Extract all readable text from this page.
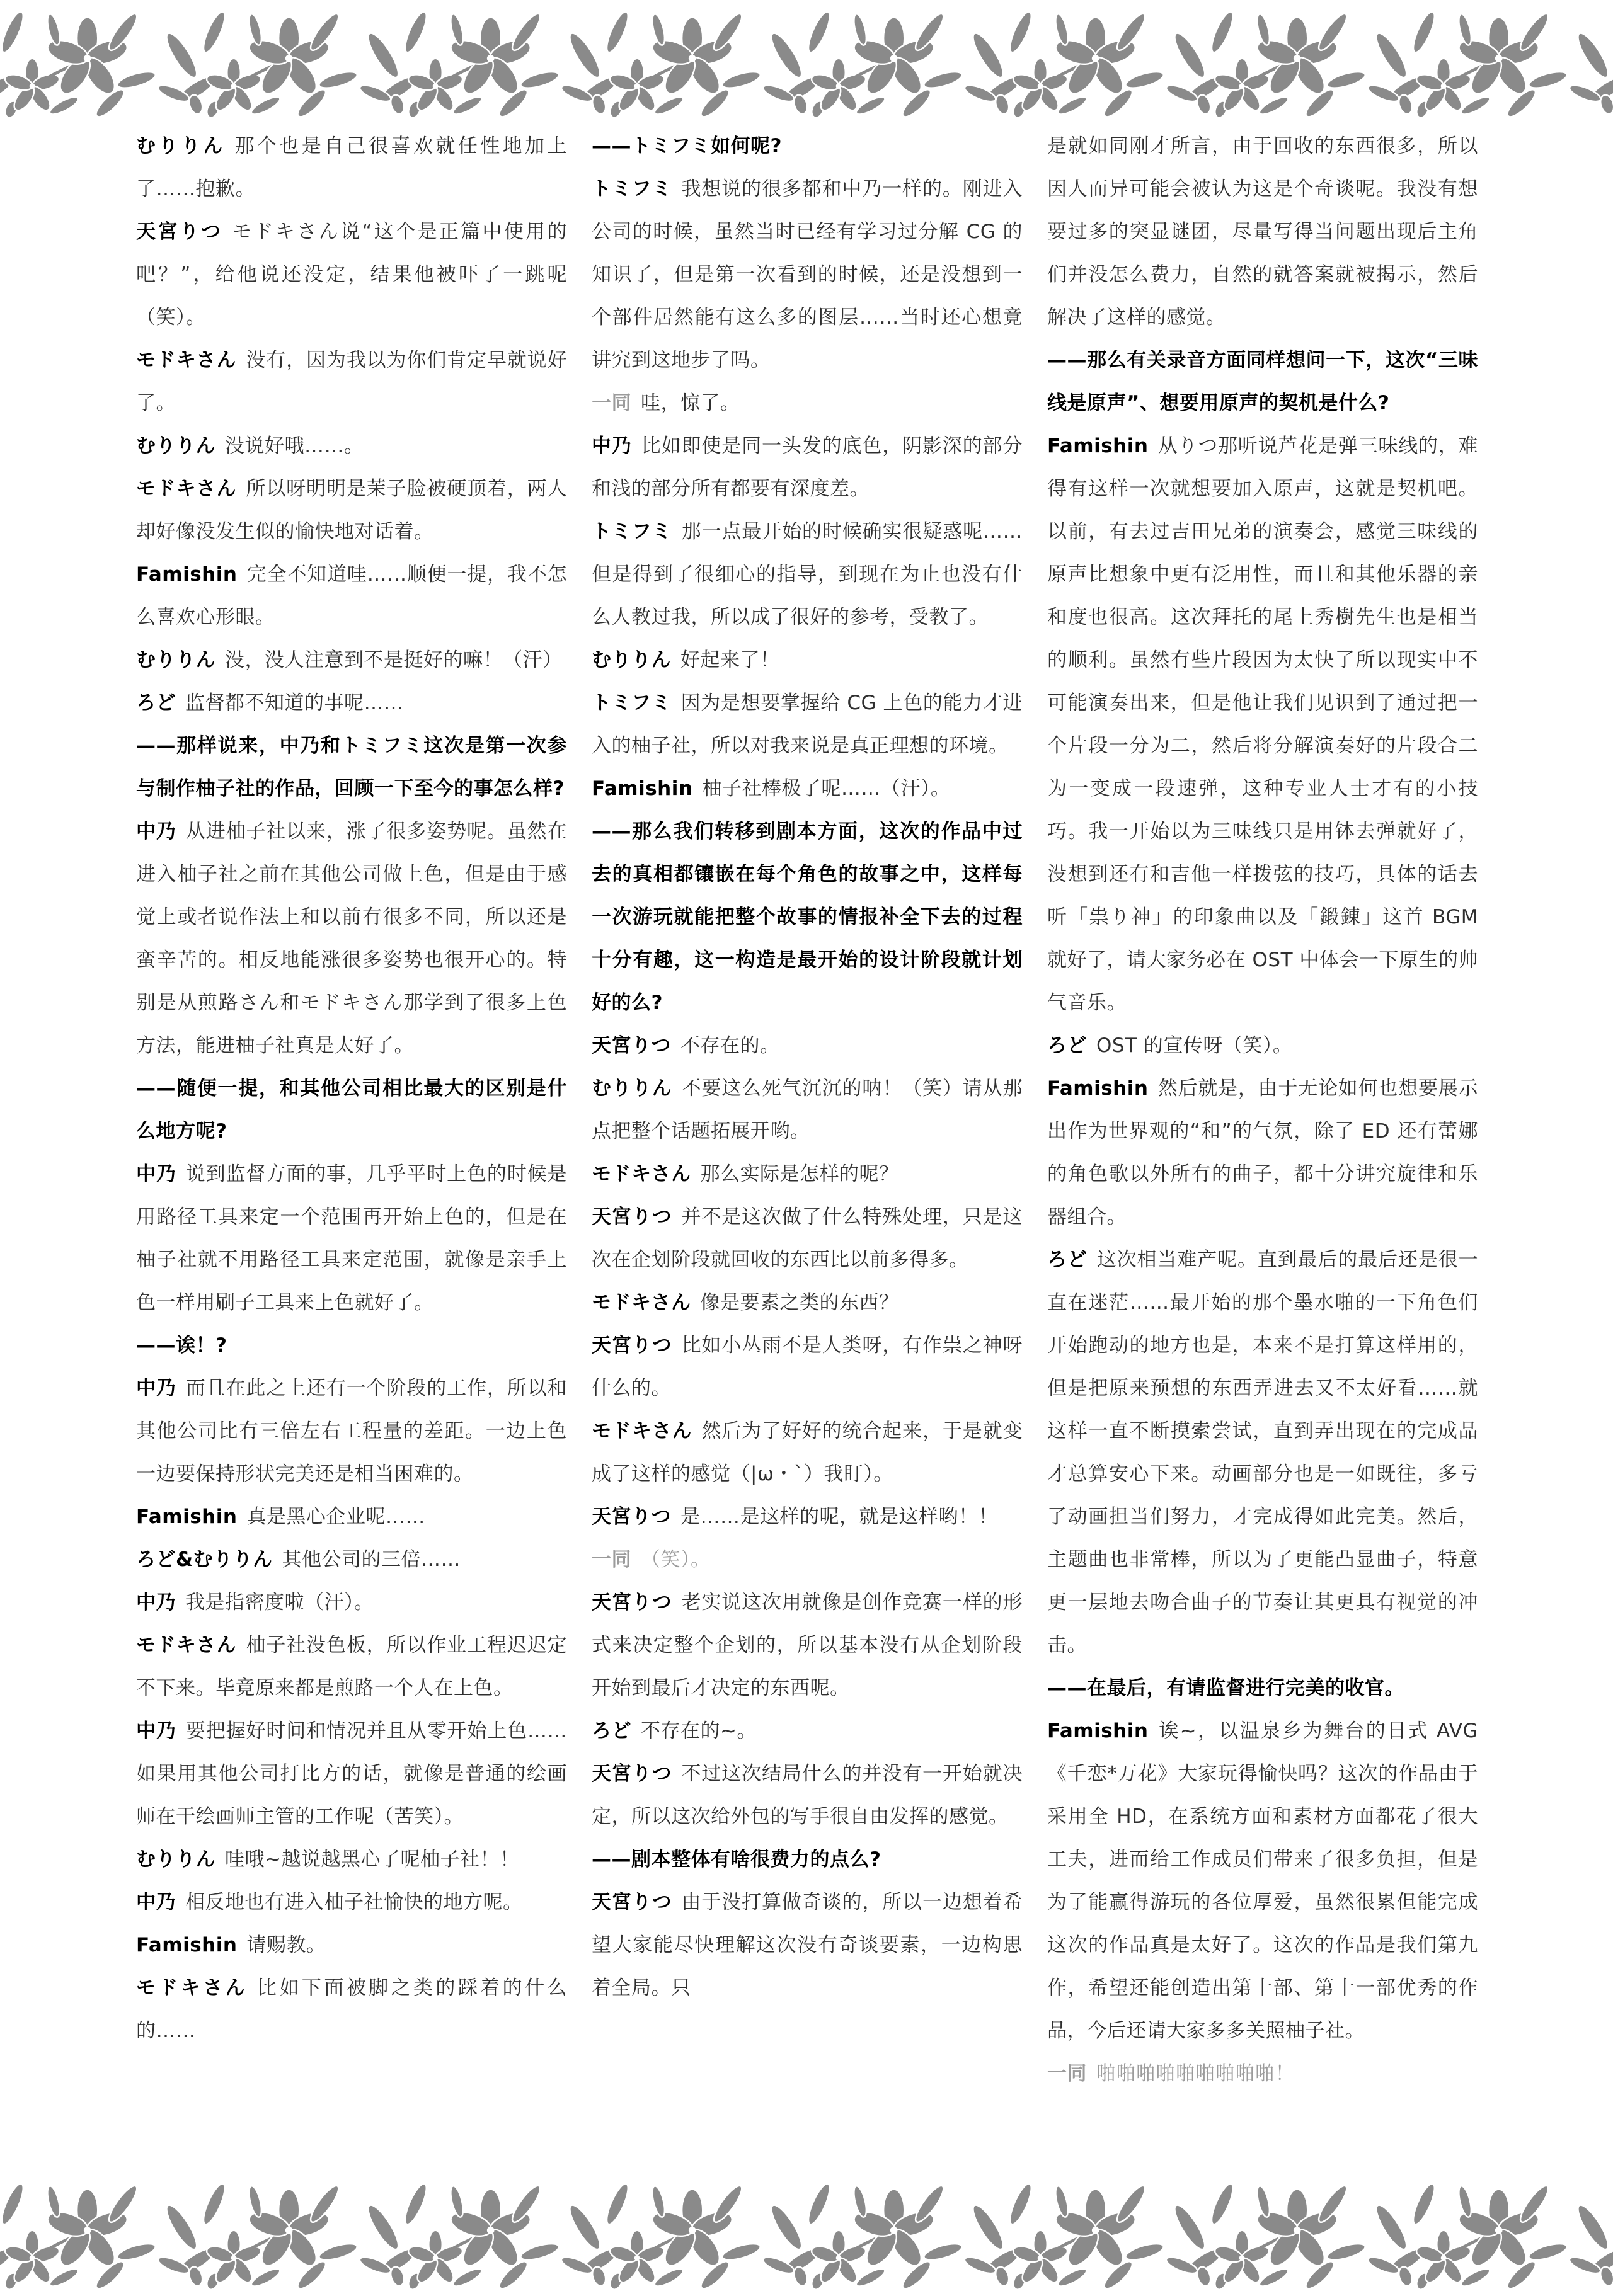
むりりん 那个也是自己很喜欢就任性地加上了……抱歉。

天宮りつ モドキさん说“这个是正篇中使用的吧？”，给他说还没定，结果他被吓了一跳呢（笑）。

モドキさん 没有，因为我以为你们肯定早就说好了。

むりりん 没说好哦……。

モドキさん 所以呀明明是茉子脸被硬顶着，两人却好像没发生似的愉快地对话着。

Famishin 完全不知道哇……顺便一提，我不怎么喜欢心形眼。

むりりん 没，没人注意到不是挺好的嘛！（汗）

ろど 监督都不知道的事呢……

——那样说来，中乃和トミフミ这次是第一次参与制作柚子社的作品，回顾一下至今的事怎么样?

中乃 从进柚子社以来，涨了很多姿势呢。虽然在进入柚子社之前在其他公司做上色，但是由于感觉上或者说作法上和以前有很多不同，所以还是蛮辛苦的。相反地能涨很多姿势也很开心的。特别是从煎路さん和モドキさん那学到了很多上色方法，能进柚子社真是太好了。

——随便一提，和其他公司相比最大的区别是什么地方呢?

中乃 说到监督方面的事，几乎平时上色的时候是用路径工具来定一个范围再开始上色的，但是在柚子社就不用路径工具来定范围，就像是亲手上色一样用刷子工具来上色就好了。

——诶！?

中乃 而且在此之上还有一个阶段的工作，所以和其他公司比有三倍左右工程量的差距。一边上色一边要保持形状完美还是相当困难的。

Famishin 真是黑心企业呢……

ろど&むりりん 其他公司的三倍……

中乃 我是指密度啦（汗）。

モドキさん 柚子社没色板，所以作业工程迟迟定不下来。毕竟原来都是煎路一个人在上色。

中乃 要把握好时间和情况并且从零开始上色……如果用其他公司打比方的话，就像是普通的绘画师在干绘画师主管的工作呢（苦笑）。

むりりん 哇哦~越说越黑心了呢柚子社！！

中乃 相反地也有进入柚子社愉快的地方呢。

Famishin 请赐教。

モドキさん 比如下面被脚之类的踩着的什么的……

——トミフミ如何呢?

トミフミ 我想说的很多都和中乃一样的。刚进入公司的时候，虽然当时已经有学习过分解 CG 的知识了，但是第一次看到的时候，还是没想到一个部件居然能有这么多的图层……当时还心想竟讲究到这地步了吗。

一同 哇，惊了。

中乃 比如即使是同一头发的底色，阴影深的部分和浅的部分所有都要有深度差。

トミフミ 那一点最开始的时候确实很疑惑呢……但是得到了很细心的指导，到现在为止也没有什么人教过我，所以成了很好的参考，受教了。

むりりん 好起来了！

トミフミ 因为是想要掌握给 CG 上色的能力才进入的柚子社，所以对我来说是真正理想的环境。

Famishin 柚子社棒极了呢……（汗）。

——那么我们转移到剧本方面，这次的作品中过去的真相都镶嵌在每个角色的故事之中，这样每一次游玩就能把整个故事的情报补全下去的过程十分有趣，这一构造是最开始的设计阶段就计划好的么?

天宮りつ 不存在的。

むりりん 不要这么死气沉沉的呐！（笑）请从那点把整个话题拓展开哟。

モドキさん 那么实际是怎样的呢？

天宮りつ 并不是这次做了什么特殊处理，只是这次在企划阶段就回收的东西比以前多得多。

モドキさん 像是要素之类的东西？

天宮りつ 比如小丛雨不是人类呀，有作祟之神呀什么的。

モドキさん 然后为了好好的统合起来，于是就变成了这样的感觉（|ω・`）我盯）。

天宮りつ 是……是这样的呢，就是这样哟！！

一同 （笑）。

天宮りつ 老实说这次用就像是创作竞赛一样的形式来决定整个企划的，所以基本没有从企划阶段开始到最后才决定的东西呢。

ろど 不存在的~。

天宮りつ 不过这次结局什么的并没有一开始就决定，所以这次给外包的写手很自由发挥的感觉。

——剧本整体有啥很费力的点么?

天宮りつ 由于没打算做奇谈的，所以一边想着希望大家能尽快理解这次没有奇谈要素，一边构思着全局。只

是就如同刚才所言，由于回收的东西很多，所以因人而异可能会被认为这是个奇谈呢。我没有想要过多的突显谜团，尽量写得当问题出现后主角们并没怎么费力，自然的就答案就被揭示，然后解决了这样的感觉。

——那么有关录音方面同样想问一下，这次“三味线是原声”、想要用原声的契机是什么?

Famishin 从りつ那听说芦花是弹三味线的，难得有这样一次就想要加入原声，这就是契机吧。以前，有去过吉田兄弟的演奏会，感觉三味线的原声比想象中更有泛用性，而且和其他乐器的亲和度也很高。这次拜托的尾上秀樹先生也是相当的顺利。虽然有些片段因为太快了所以现实中不可能演奏出来，但是他让我们见识到了通过把一个片段一分为二，然后将分解演奏好的片段合二为一变成一段速弹，这种专业人士才有的小技巧。我一开始以为三味线只是用钵去弹就好了，没想到还有和吉他一样拨弦的技巧，具体的话去听「祟り神」的印象曲以及「鍛錬」这首 BGM 就好了，请大家务必在 OST 中体会一下原生的帅气音乐。

ろど OST 的宣传呀（笑）。

Famishin 然后就是，由于无论如何也想要展示出作为世界观的“和”的气氛，除了 ED 还有蕾娜的角色歌以外所有的曲子，都十分讲究旋律和乐器组合。

ろど 这次相当难产呢。直到最后的最后还是很一直在迷茫……最开始的那个墨水啪的一下角色们开始跑动的地方也是，本来不是打算这样用的，但是把原来预想的东西弄进去又不太好看……就这样一直不断摸索尝试，直到弄出现在的完成品才总算安心下来。动画部分也是一如既往，多亏了动画担当们努力，才完成得如此完美。然后，主题曲也非常棒，所以为了更能凸显曲子，特意更一层地去吻合曲子的节奏让其更具有视觉的冲击。

——在最后，有请监督进行完美的收官。

Famishin 诶~，以温泉乡为舞台的日式 AVG《千恋*万花》大家玩得愉快吗？这次的作品由于采用全 HD，在系统方面和素材方面都花了很大工夫，进而给工作成员们带来了很多负担，但是为了能赢得游玩的各位厚爱，虽然很累但能完成这次的作品真是太好了。这次的作品是我们第九作，希望还能创造出第十部、第十一部优秀的作品，今后还请大家多多关照柚子社。

一同 啪啪啪啪啪啪啪啪啪！
